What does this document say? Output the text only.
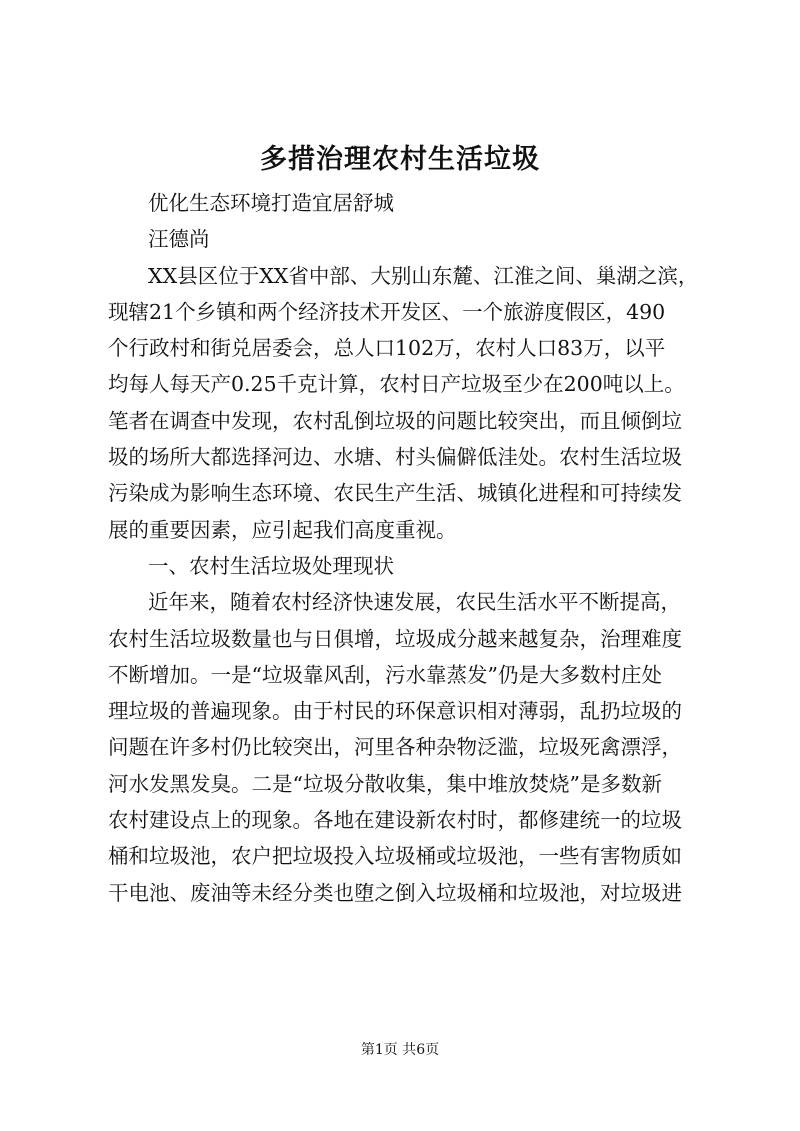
多措治理农村生活垃圾
优化生态环境打造宜居舒城
汪德尚
XX县区位于XX省中部、大别山东麓、江淮之间、巢湖之滨，
现辖21个乡镇和两个经济技术开发区、一个旅游度假区，490
个行政村和街兑居委会，总人口102万，农村人口83万，以平
均每人每天产0.25千克计算，农村日产垃圾至少在200吨以上。
笔者在调查中发现，农村乱倒垃圾的问题比较突出，而且倾倒垃
圾的场所大都选择河边、水塘、村头偏僻低洼处。农村生活垃圾
污染成为影响生态环境、农民生产生活、城镇化进程和可持续发
展的重要因素，应引起我们高度重视。
一、农村生活垃圾处理现状
近年来，随着农村经济快速发展，农民生活水平不断提高，
农村生活垃圾数量也与日俱增，垃圾成分越来越复杂，治理难度
不断增加。一是“垃圾靠风刮，污水靠蒸发”仍是大多数村庄处
理垃圾的普遍现象。由于村民的环保意识相对薄弱，乱扔垃圾的
问题在许多村仍比较突出，河里各种杂物泛滥，垃圾死禽漂浮，
河水发黑发臭。二是“垃圾分散收集，集中堆放焚烧”是多数新
农村建设点上的现象。各地在建设新农村时，都修建统一的垃圾
桶和垃圾池，农户把垃圾投入垃圾桶或垃圾池，一些有害物质如
干电池、废油等未经分类也堕之倒入垃圾桶和垃圾池，对垃圾进
第1页 共6页
